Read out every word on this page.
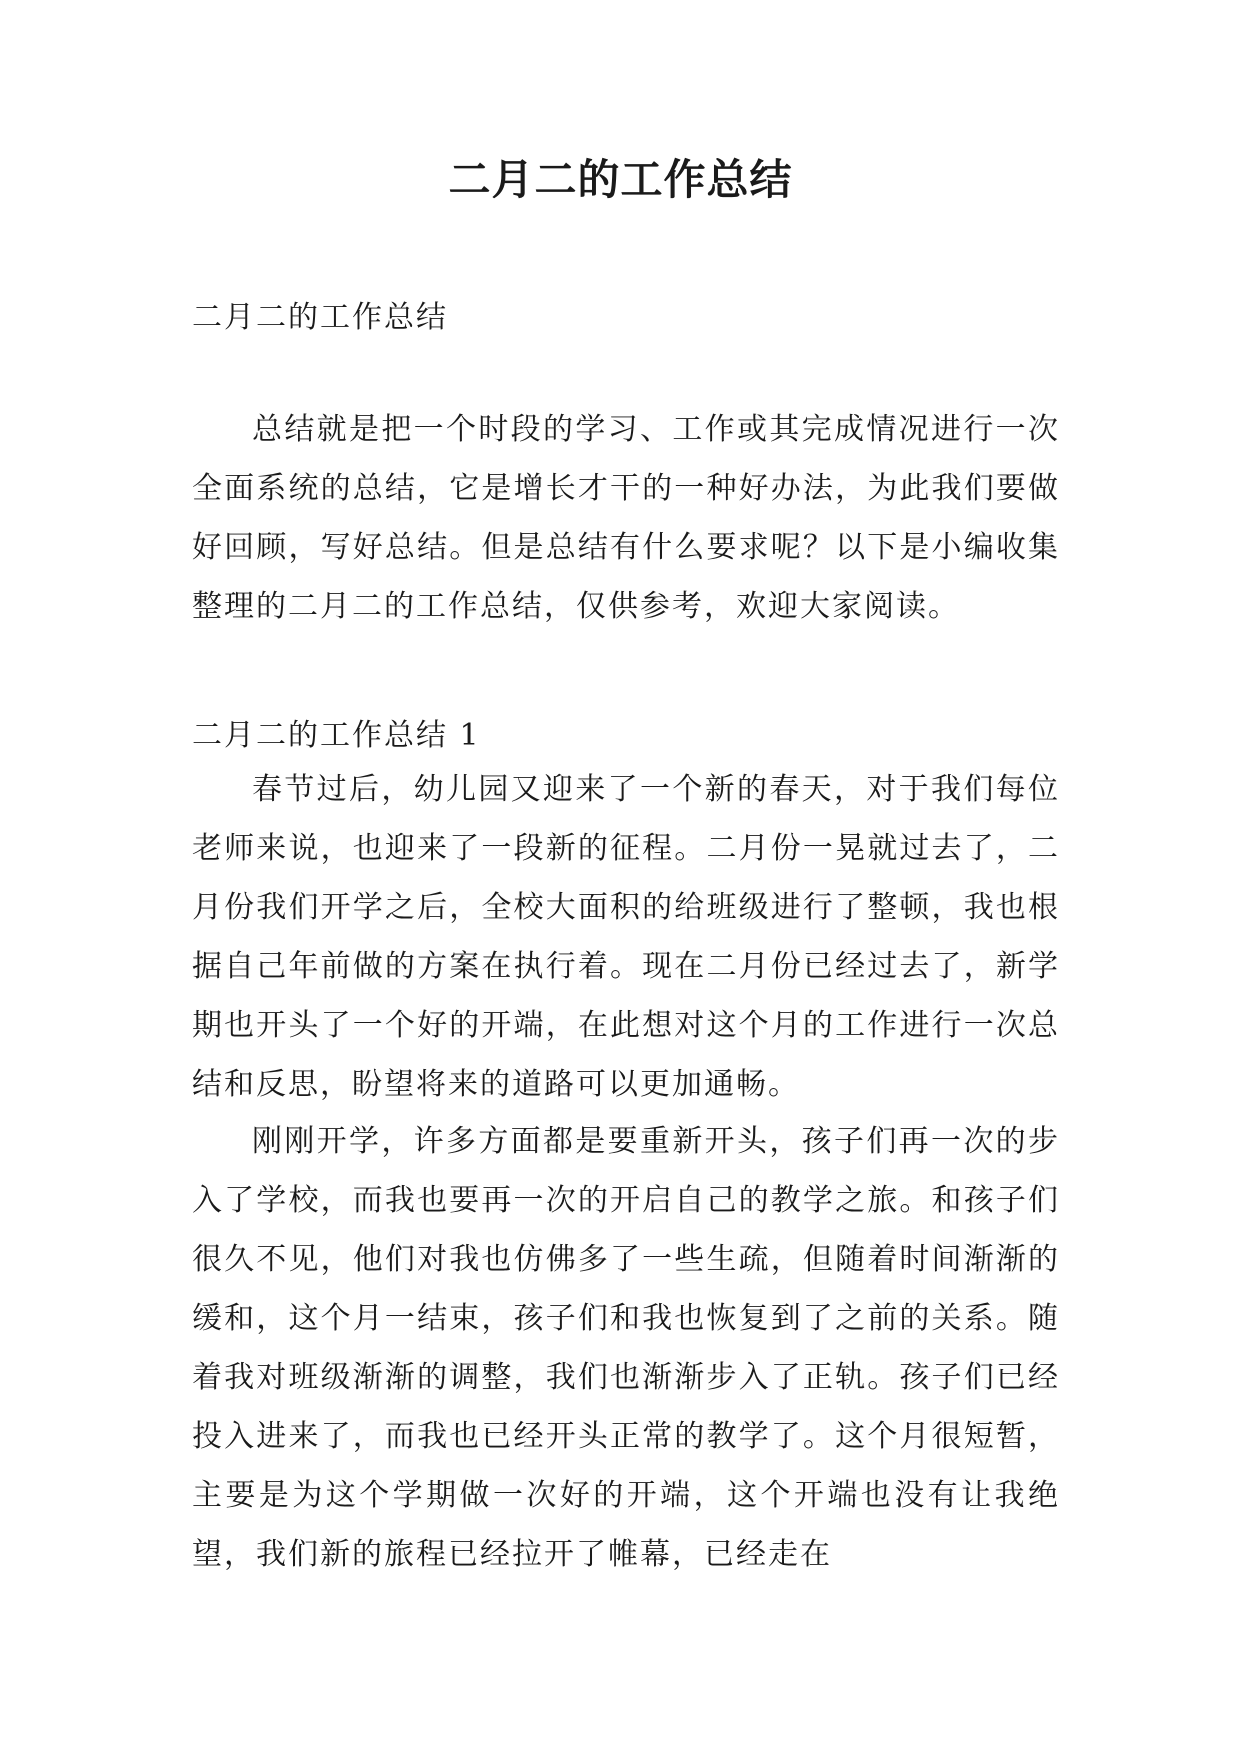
二月二的工作总结

二月二的工作总结

总结就是把一个时段的学习、工作或其完成情况进行一次全面系统的总结，它是增长才干的一种好办法，为此我们要做好回顾，写好总结。但是总结有什么要求呢？以下是小编收集整理的二月二的工作总结，仅供参考，欢迎大家阅读。

二月二的工作总结 1

春节过后，幼儿园又迎来了一个新的春天，对于我们每位老师来说，也迎来了一段新的征程。二月份一晃就过去了，二月份我们开学之后，全校大面积的给班级进行了整顿，我也根据自己年前做的方案在执行着。现在二月份已经过去了，新学期也开头了一个好的开端，在此想对这个月的工作进行一次总结和反思，盼望将来的道路可以更加通畅。

刚刚开学，许多方面都是要重新开头，孩子们再一次的步入了学校，而我也要再一次的开启自己的教学之旅。和孩子们很久不见，他们对我也仿佛多了一些生疏，但随着时间渐渐的缓和，这个月一结束，孩子们和我也恢复到了之前的关系。随着我对班级渐渐的调整，我们也渐渐步入了正轨。孩子们已经投入进来了，而我也已经开头正常的教学了。这个月很短暂，主要是为这个学期做一次好的开端，这个开端也没有让我绝望，我们新的旅程已经拉开了帷幕，已经走在
